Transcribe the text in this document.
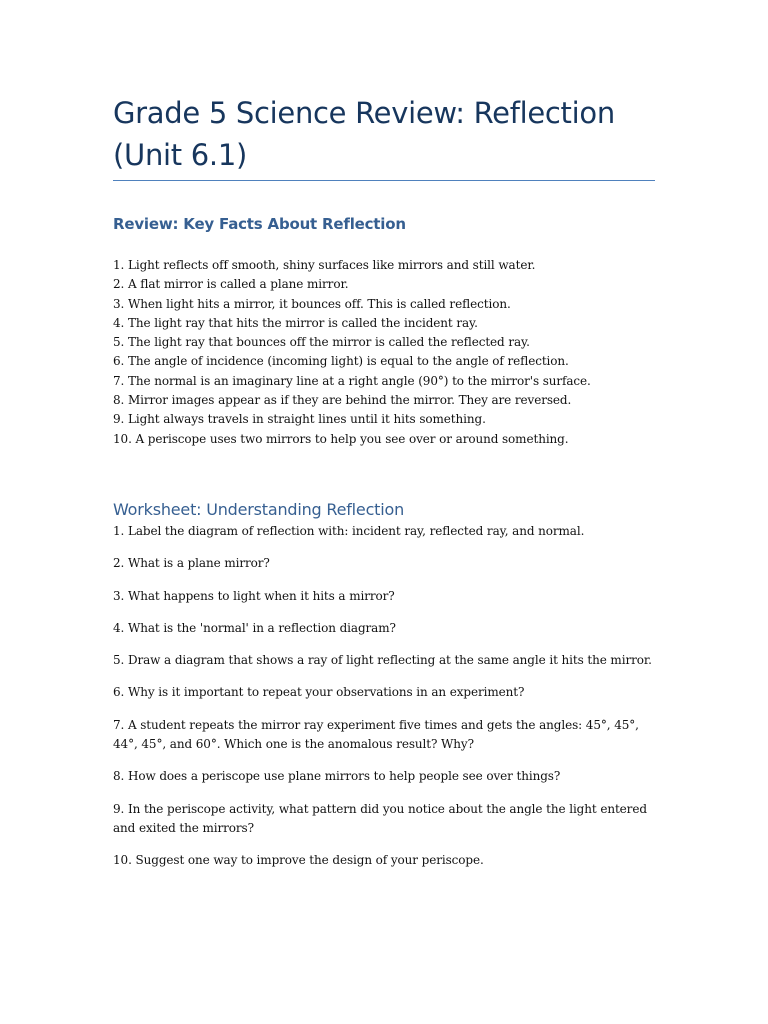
Grade 5 Science Review: Reflection (Unit 6.1)
Review: Key Facts About Reflection
1. Light reflects off smooth, shiny surfaces like mirrors and still water.
2. A flat mirror is called a plane mirror.
3. When light hits a mirror, it bounces off. This is called reflection.
4. The light ray that hits the mirror is called the incident ray.
5. The light ray that bounces off the mirror is called the reflected ray.
6. The angle of incidence (incoming light) is equal to the angle of reflection.
7. The normal is an imaginary line at a right angle (90°) to the mirror's surface.
8. Mirror images appear as if they are behind the mirror. They are reversed.
9. Light always travels in straight lines until it hits something.
10. A periscope uses two mirrors to help you see over or around something.
Worksheet: Understanding Reflection
1. Label the diagram of reflection with: incident ray, reflected ray, and normal.
2. What is a plane mirror?
3. What happens to light when it hits a mirror?
4. What is the 'normal' in a reflection diagram?
5. Draw a diagram that shows a ray of light reflecting at the same angle it hits the mirror.
6. Why is it important to repeat your observations in an experiment?
7. A student repeats the mirror ray experiment five times and gets the angles: 45°, 45°, 44°, 45°, and 60°. Which one is the anomalous result? Why?
8. How does a periscope use plane mirrors to help people see over things?
9. In the periscope activity, what pattern did you notice about the angle the light entered and exited the mirrors?
10. Suggest one way to improve the design of your periscope.
